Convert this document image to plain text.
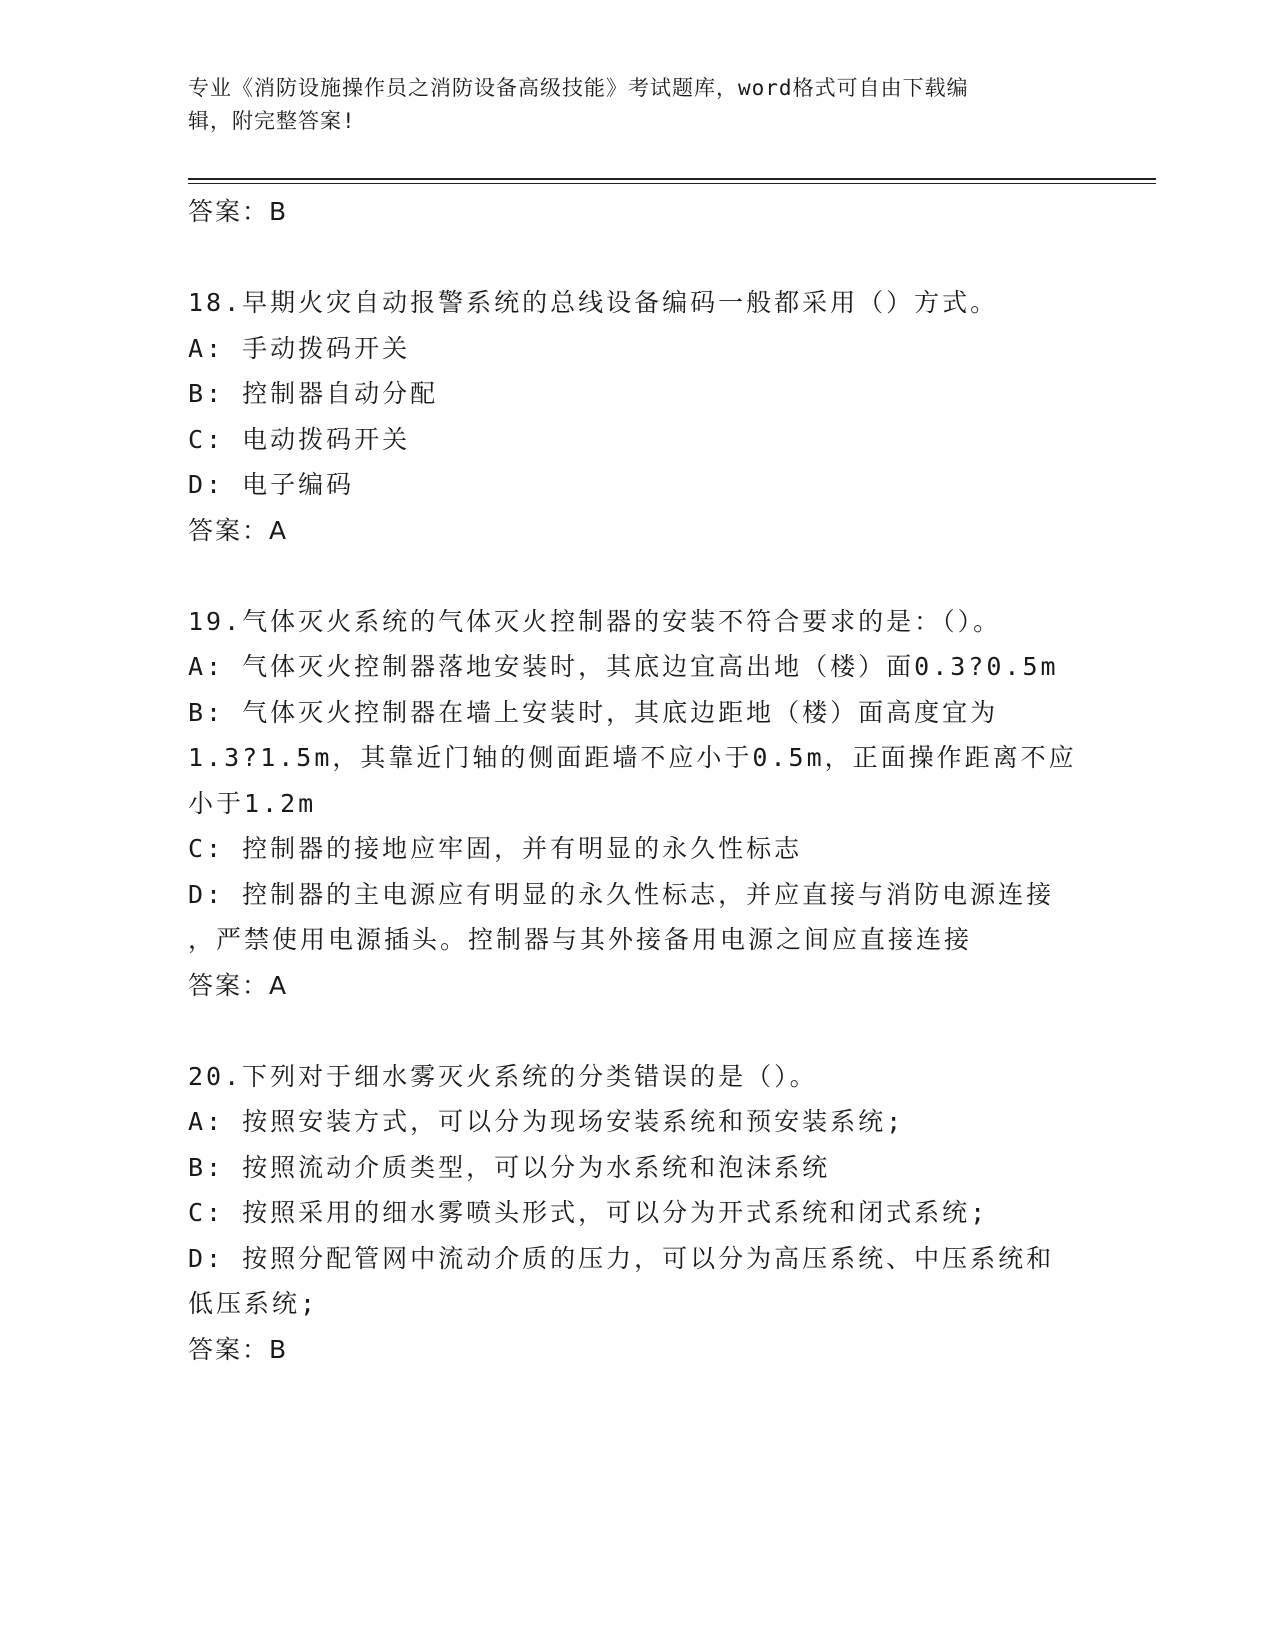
专业《消防设施操作员之消防设备高级技能》考试题库，word格式可自由下载编
辑，附完整答案!
答案：B
18.早期火灾自动报警系统的总线设备编码一般都采用（）方式。
A: 手动拨码开关
B: 控制器自动分配
C: 电动拨码开关
D: 电子编码
答案：A
19.气体灭火系统的气体灭火控制器的安装不符合要求的是：（）。
A: 气体灭火控制器落地安装时，其底边宜高出地（楼）面0.3?0.5m
B: 气体灭火控制器在墙上安装时，其底边距地（楼）面高度宜为
1.3?1.5m，其靠近门轴的侧面距墙不应小于0.5m，正面操作距离不应
小于1.2m
C: 控制器的接地应牢固，并有明显的永久性标志
D: 控制器的主电源应有明显的永久性标志，并应直接与消防电源连接
，严禁使用电源插头。控制器与其外接备用电源之间应直接连接
答案：A
20.下列对于细水雾灭火系统的分类错误的是（）。
A: 按照安装方式，可以分为现场安装系统和预安装系统;
B: 按照流动介质类型，可以分为水系统和泡沫系统
C: 按照采用的细水雾喷头形式，可以分为开式系统和闭式系统;
D: 按照分配管网中流动介质的压力，可以分为高压系统、中压系统和
低压系统;
答案：B
